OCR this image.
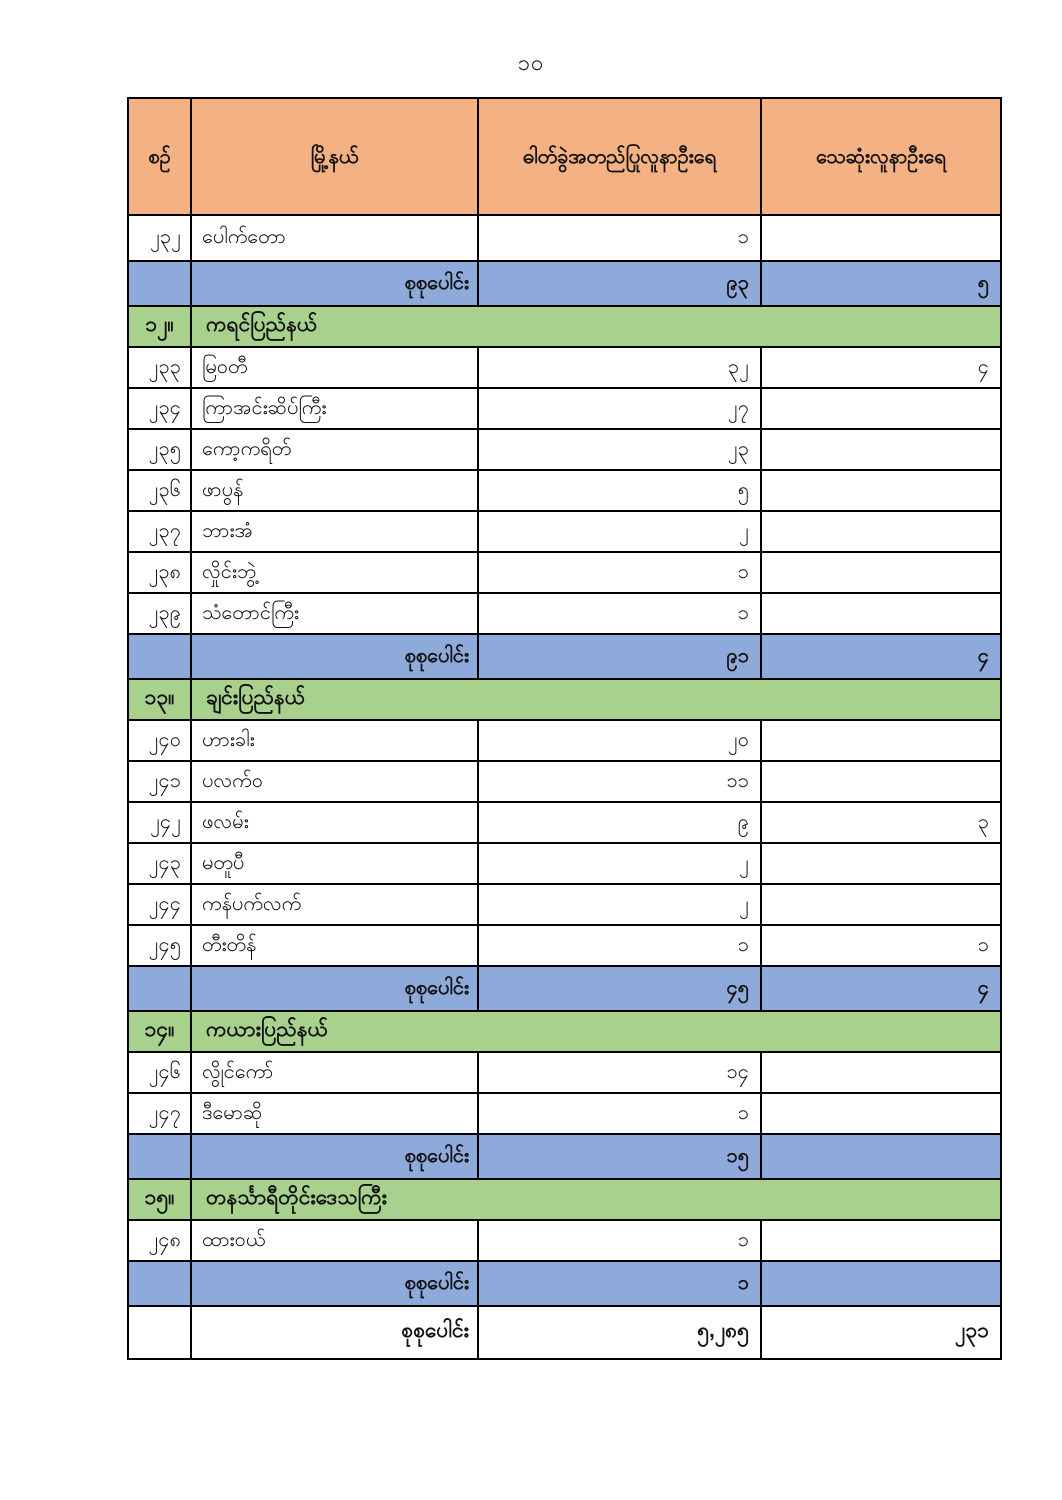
၁၀
စဉ်	မြို့နယ်	ဓါတ်ခွဲအတည်ပြုလူနာဦးရေ	သေဆုံးလူနာဦးရေ
၂၃၂	ပေါက်တော	၁	
	စုစုပေါင်း	၉၃	၅
၁၂။	ကရင်ပြည်နယ်		
၂၃၃	မြဝတီ	၃၂	၄
၂၃၄	ကြာအင်းဆိပ်ကြီး	၂၇	
၂၃၅	ကော့ကရိတ်	၂၃	
၂၃၆	ဖာပွန်	၅	
၂၃၇	ဘားအံ	၂	
၂၃၈	လှိုင်းဘွဲ့	၁	
၂၃၉	သံတောင်ကြီး	၁	
	စုစုပေါင်း	၉၁	၄
၁၃။	ချင်းပြည်နယ်		
၂၄၀	ဟားခါး	၂၀	
၂၄၁	ပလက်ဝ	၁၁	
၂၄၂	ဖလမ်း	၉	၃
၂၄၃	မတူပီ	၂	
၂၄၄	ကန်ပက်လက်	၂	
၂၄၅	တီးတိန်	၁	၁
	စုစုပေါင်း	၄၅	၄
၁၄။	ကယားပြည်နယ်		
၂၄၆	လွိုင်ကော်	၁၄	
၂၄၇	ဒီမောဆို	၁	
	စုစုပေါင်း	၁၅	
၁၅။	တနင်္သာရီတိုင်းဒေသကြီး		
၂၄၈	ထားဝယ်	၁	
	စုစုပေါင်း	၁	
	စုစုပေါင်း	၅,၂၈၅	၂၃၁
